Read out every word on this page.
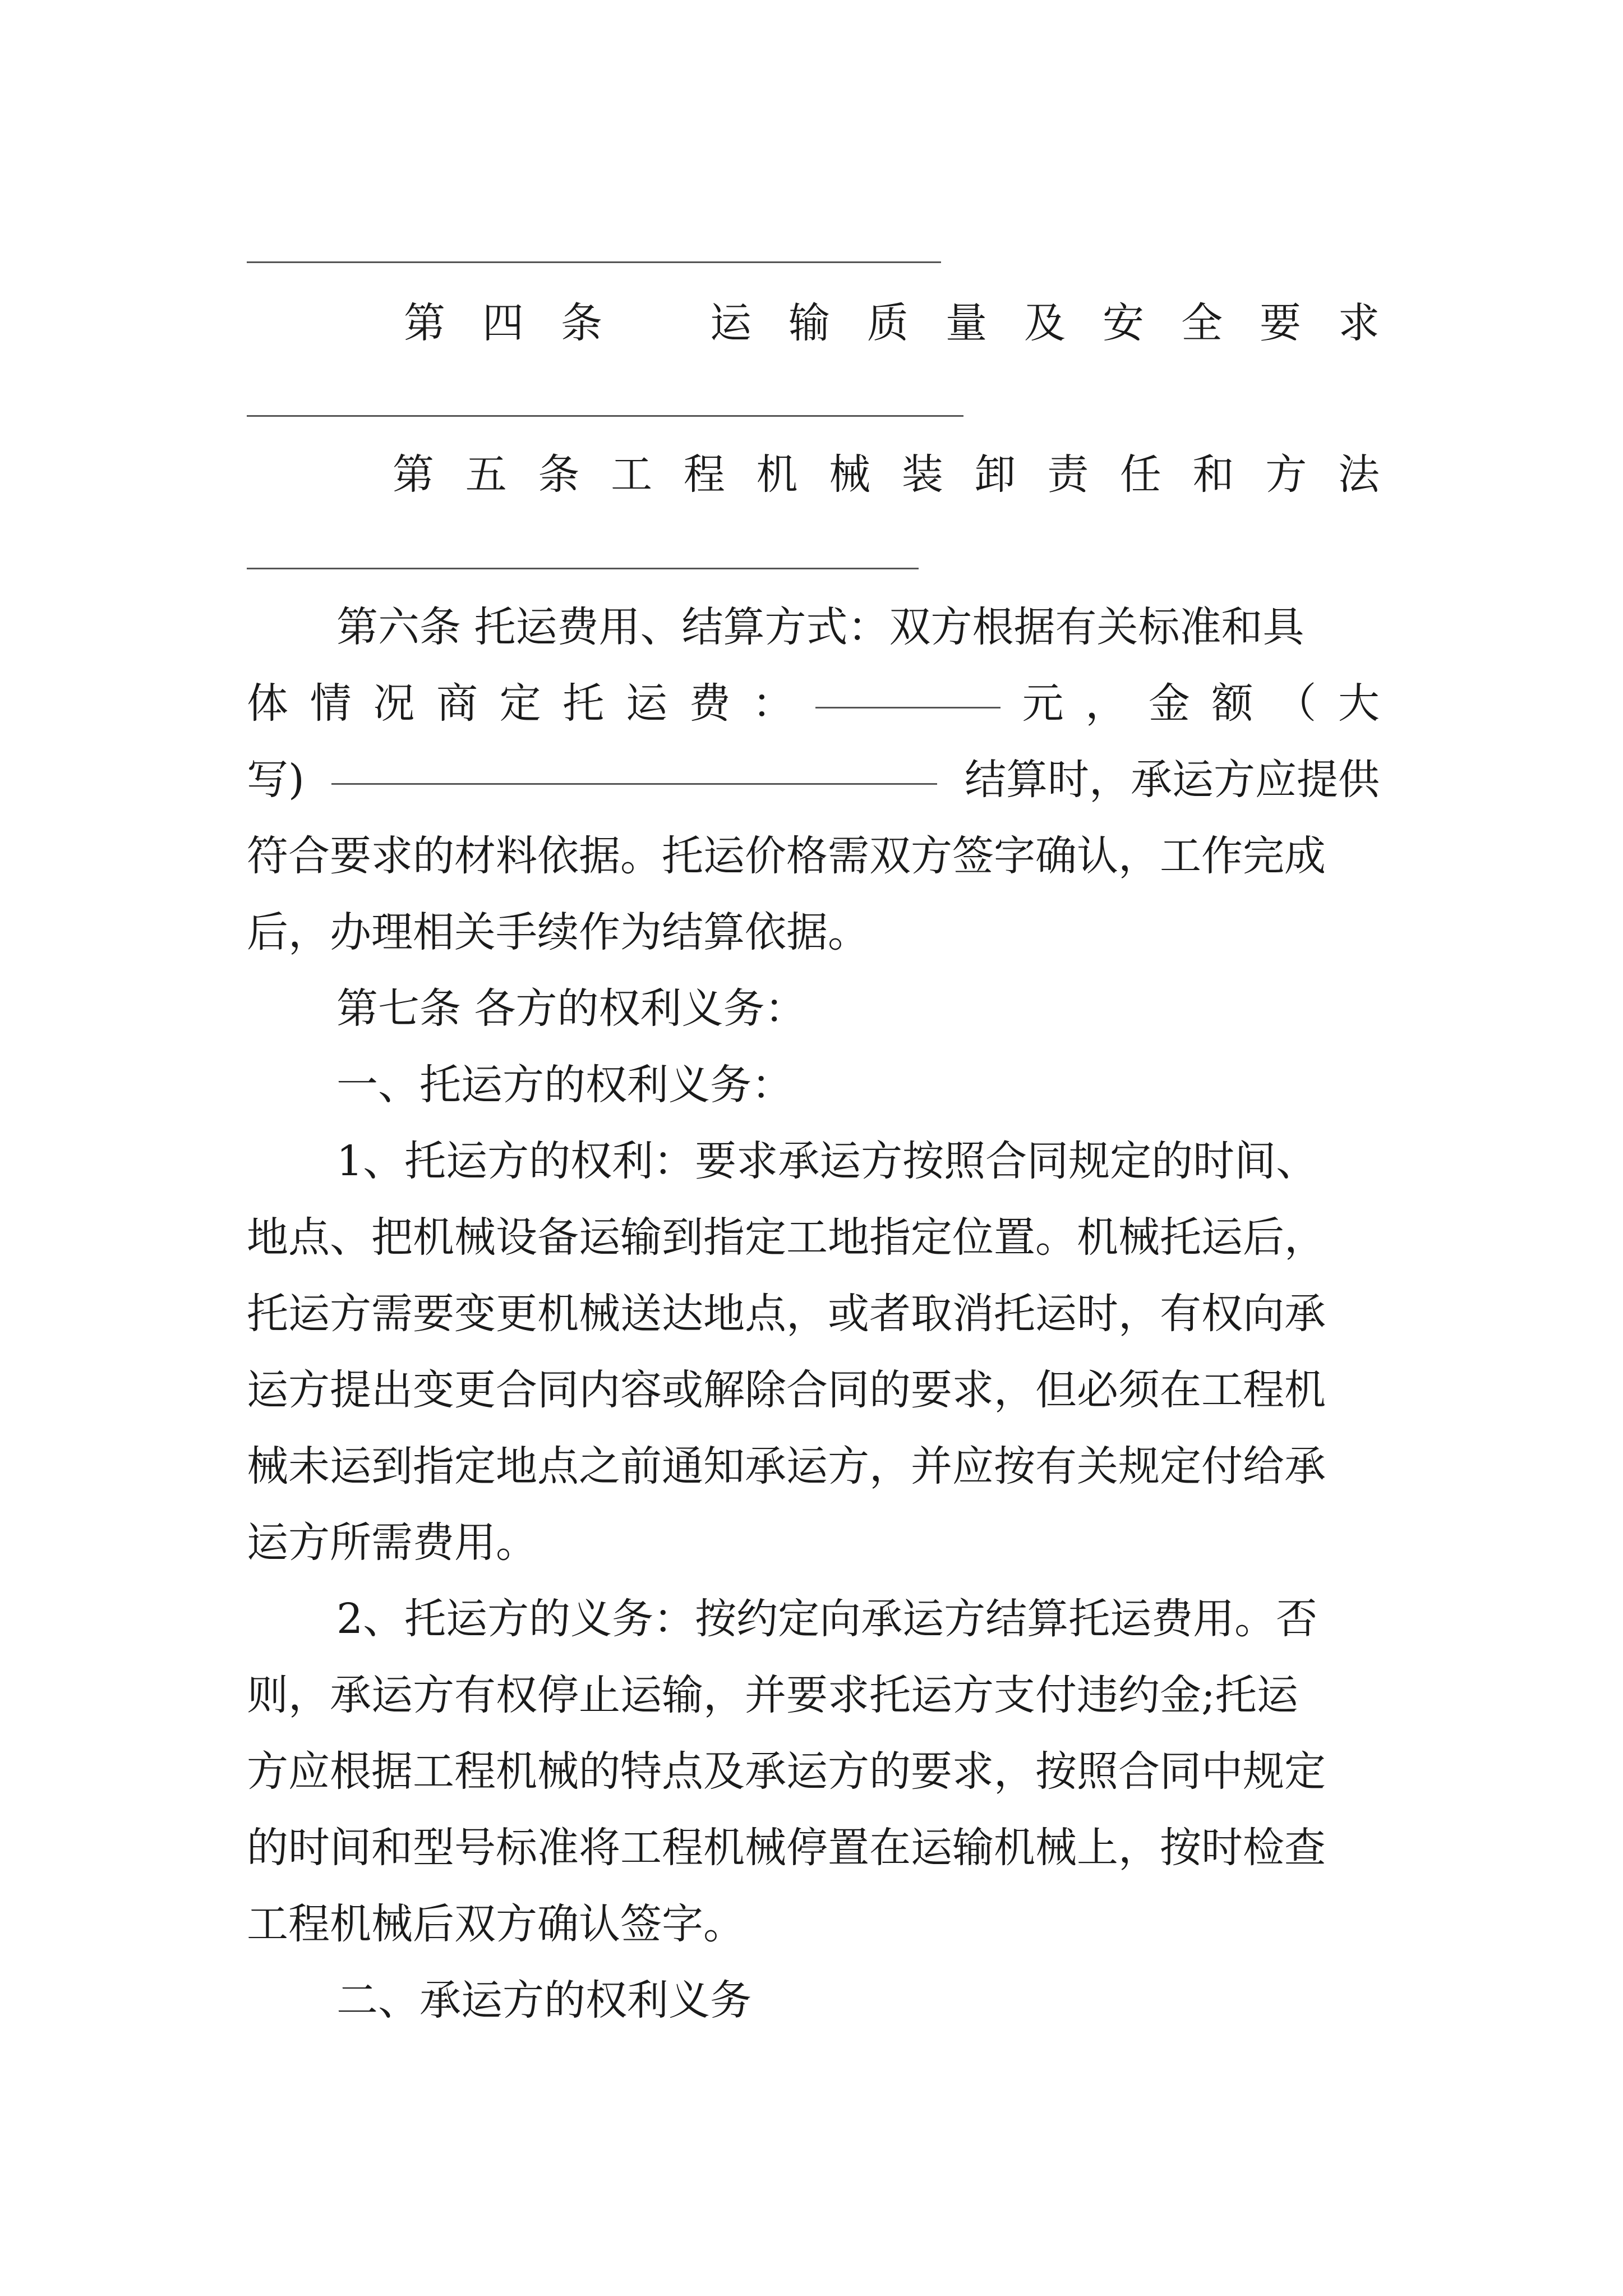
第 四 条	运 输 质 量 及 安 全 要 求
第 五 条 工 程 机 械 装 卸 责 任 和 方 法
第六条 托运费用、结算方式：双方根据有关标准和具
体 情 况 商 定 托 运 费 ：	元 ， 金 额 （ 大
写)	结算时，承运方应提供
符合要求的材料依据。托运价格需双方签字确认，工作完成
后，办理相关手续作为结算依据。
第七条 各方的权利义务：
一、托运方的权利义务：
1、托运方的权利：要求承运方按照合同规定的时间、
地点、把机械设备运输到指定工地指定位置。机械托运后，
托运方需要变更机械送达地点，或者取消托运时，有权向承
运方提出变更合同内容或解除合同的要求，但必须在工程机
械未运到指定地点之前通知承运方，并应按有关规定付给承
运方所需费用。
2、托运方的义务：按约定向承运方结算托运费用。否
则，承运方有权停止运输，并要求托运方支付违约金;托运
方应根据工程机械的特点及承运方的要求，按照合同中规定
的时间和型号标准将工程机械停置在运输机械上，按时检查
工程机械后双方确认签字。
二、承运方的权利义务
